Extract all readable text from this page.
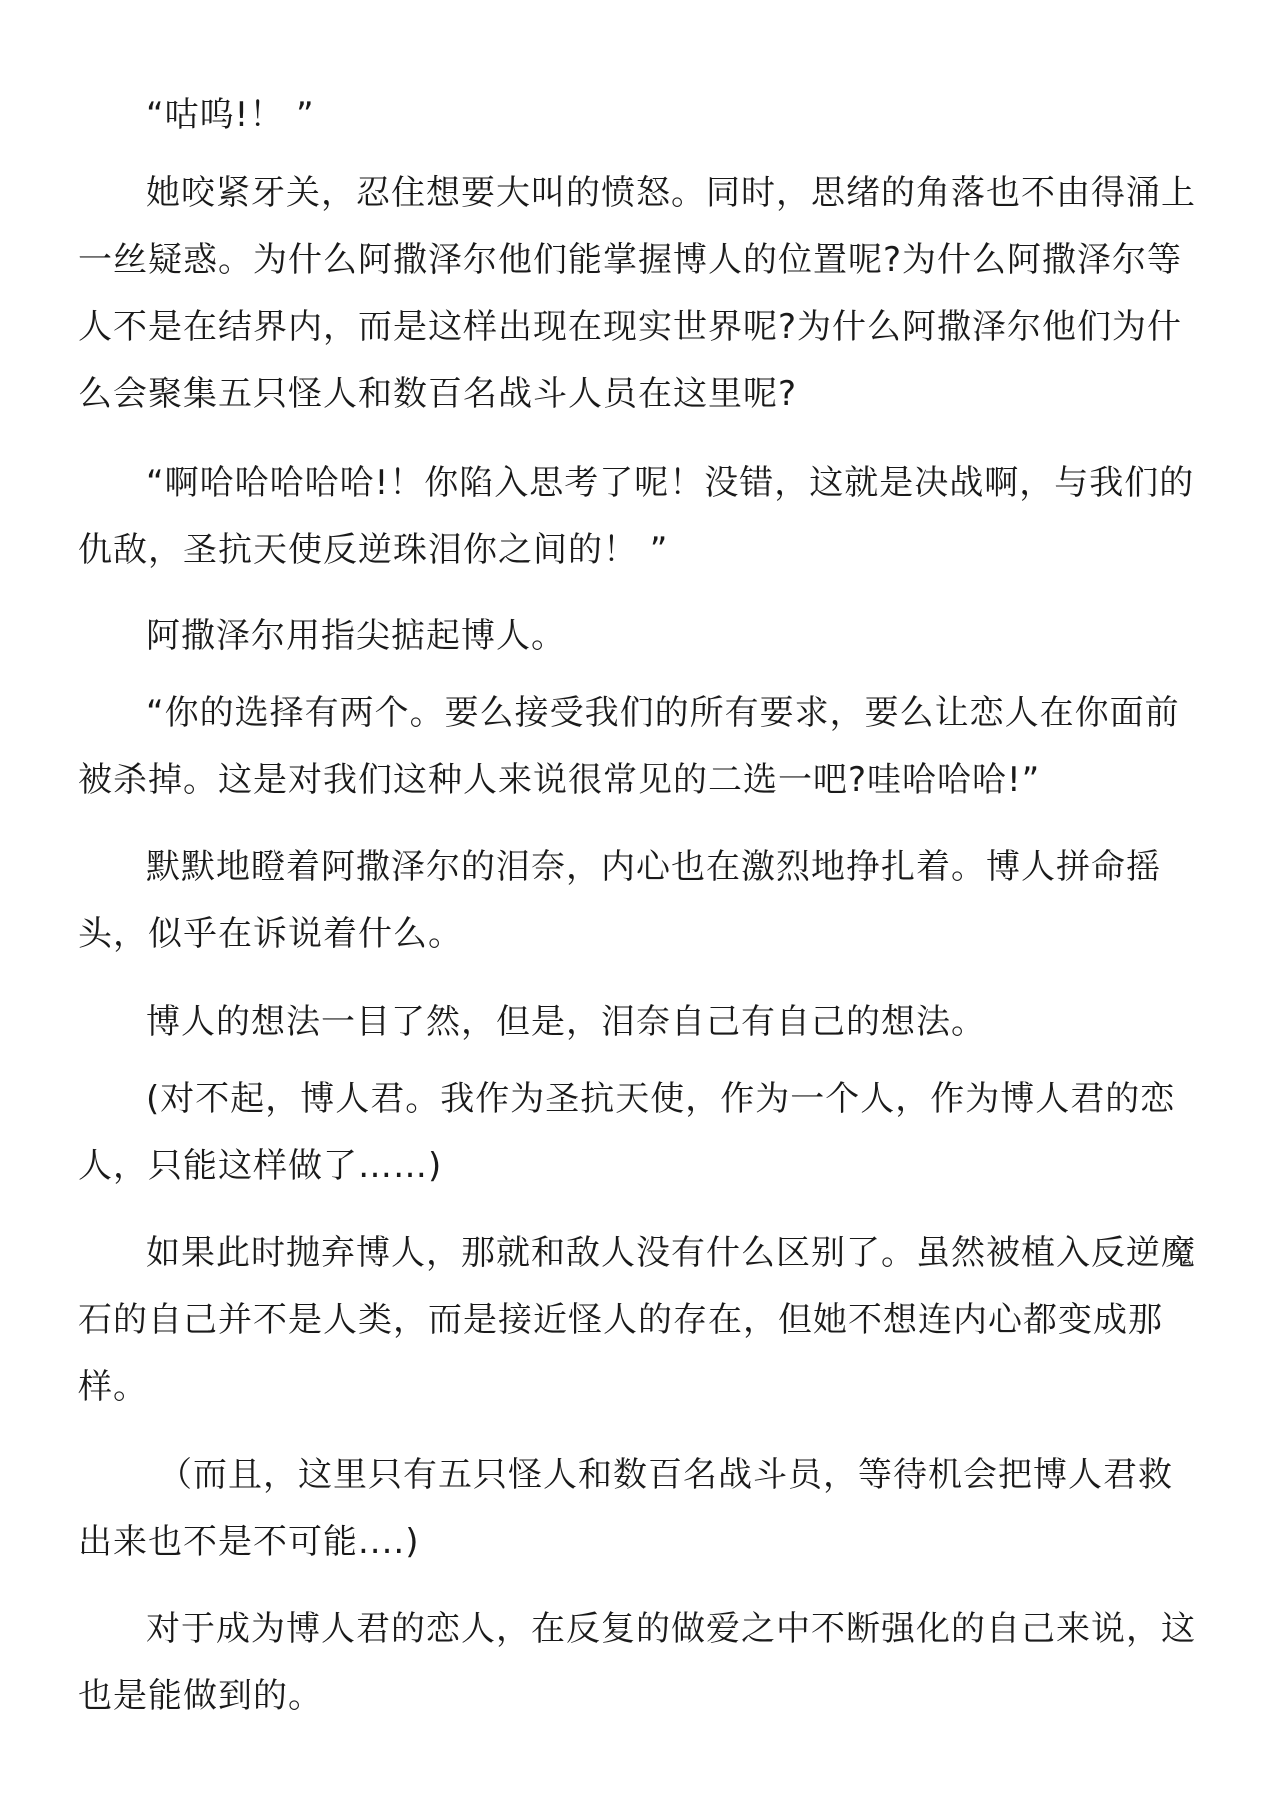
“咕呜!！ ”

她咬紧牙关，忍住想要大叫的愤怒。同时，思绪的角落也不由得涌上一丝疑惑。为什么阿撒泽尔他们能掌握博人的位置呢?为什么阿撒泽尔等人不是在结界内，而是这样出现在现实世界呢?为什么阿撒泽尔他们为什么会聚集五只怪人和数百名战斗人员在这里呢?

“啊哈哈哈哈哈!！你陷入思考了呢！没错，这就是决战啊，与我们的仇敌，圣抗天使反逆珠泪你之间的！ ”

阿撒泽尔用指尖掂起博人。

“你的选择有两个。要么接受我们的所有要求，要么让恋人在你面前被杀掉。这是对我们这种人来说很常见的二选一吧?哇哈哈哈!”

默默地瞪着阿撒泽尔的泪奈，内心也在激烈地挣扎着。博人拼命摇头，似乎在诉说着什么。

博人的想法一目了然，但是，泪奈自己有自己的想法。

(对不起，博人君。我作为圣抗天使，作为一个人，作为博人君的恋人，只能这样做了……)

如果此时抛弃博人，那就和敌人没有什么区别了。虽然被植入反逆魔石的自己并不是人类，而是接近怪人的存在，但她不想连内心都变成那样。

（而且，这里只有五只怪人和数百名战斗员，等待机会把博人君救出来也不是不可能....)

对于成为博人君的恋人，在反复的做爱之中不断强化的自己来说，这也是能做到的。
